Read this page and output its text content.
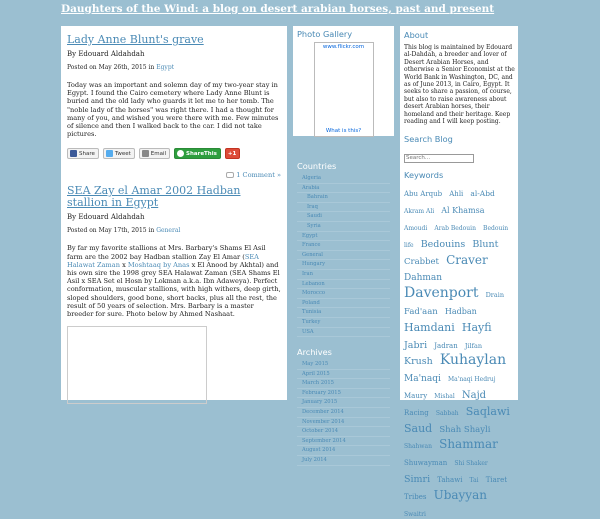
Daughters of the Wind: a blog on desert arabian horses, past and present
Lady Anne Blunt's grave
By Edouard Aldahdah
Posted on May 26th, 2015 in Egypt
Today was an important and solemn day of my two-year stay in Egypt. I found the Cairo cemetery where Lady Anne Blunt is buried and the old lady who guards it let me to her tomb. The "noble lady of the horses" was right there. I had a thought for many of you, and wished you were there with me. Few minutes of silence and then I walked back to the car. I did not take pictures.
Share	Tweet	Email	ShareThis	+1
1 Comment »
SEA Zay el Amar 2002 Hadban stallion in Egypt
By Edouard Aldahdah
Posted on May 17th, 2015 in General
By far my favorite stallions at Mrs. Barbary's Shams El Asil farm are the 2002 bay Hadban stallion Zay El Amar (SEA Halawat Zaman x Moshtaaq by Anas x El Anood by Akhtal) and his own sire the 1998 grey SEA Halawat Zaman (SEA Shams El Asil x SEA Set el Hosn by Lokman a.k.a. Ibn Adaweya). Perfect conformation, muscular stallions, with high withers, deep girth, sloped shoulders, good bone, short backs, plus all the rest, the result of 50 years of selection. Mrs. Barbary is a master breeder for sure. Photo below by Ahmed Nashaat.
Photo Gallery
www.flickr.com
What is this?
Countries
Algeria
Arabia
Bahrain
Iraq
Saudi
Syria
Egypt
France
General
Hungary
Iran
Lebanon
Morocco
Poland
Tunisia
Turkey
USA
Archives
May 2015
April 2015
March 2015
February 2015
January 2015
December 2014
November 2014
October 2014
September 2014
August 2014
July 2014
About
This blog is maintained by Edouard al-Dahdah, a breeder and lover of Desert Arabian Horses, and otherwise a Senior Economist at the World Bank in Washington, DC, and as of June 2013, in Cairo, Egypt. It seeks to share a passion, of course, but also to raise awareness about desert Arabian horses, their homeland and their heritage. Keep reading and I will keep posting.
Search Blog
Search...
Keywords
Abu Arqub Ahli al-Abd Akram Ali Al Khamsa Amoudi Arab Bedouin Bedouin life Bedouins Blunt Crabbet Craver Dahman Davenport Drain Fad'aan Hadban Hamdani Hayfi Jabri Jadran Jilfan Krush Kuhaylan Ma'naqi Ma'naqi Hedruj Maury Mishal Najd Racing Sabbah Saqlawi Saud Shah Shayli Shahwan Shammar Shuwayman Shi Shaker Simri Tahawi Tai Tiaret Tribes Ubayyan Swaitri
